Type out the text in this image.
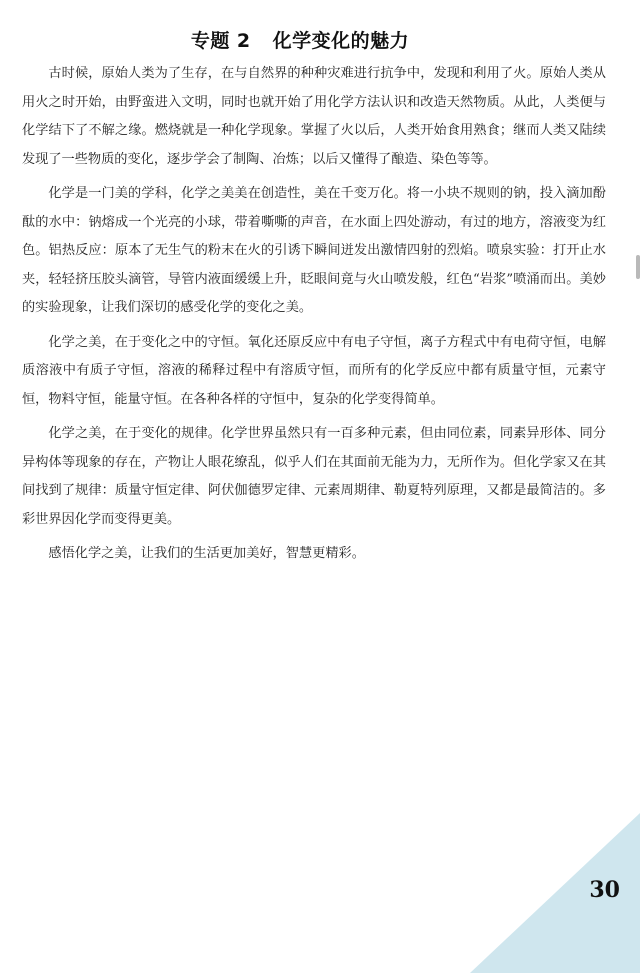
专题 2 化学变化的魅力

古时候，原始人类为了生存，在与自然界的种种灾难进行抗争中，发现和利用了火。原始人类从用火之时开始，由野蛮进入文明，同时也就开始了用化学方法认识和改造天然物质。从此，人类便与化学结下了不解之缘。燃烧就是一种化学现象。掌握了火以后，人类开始食用熟食；继而人类又陆续发现了一些物质的变化，逐步学会了制陶、冶炼；以后又懂得了酿造、染色等等。

化学是一门美的学科，化学之美美在创造性，美在千变万化。将一小块不规则的钠，投入滴加酚酞的水中：钠熔成一个光亮的小球，带着嘶嘶的声音，在水面上四处游动，有过的地方，溶液变为红色。铝热反应：原本了无生气的粉末在火的引诱下瞬间迸发出激情四射的烈焰。喷泉实验：打开止水夹，轻轻挤压胶头滴管，导管内液面缓缓上升，眨眼间竟与火山喷发般，红色“岩浆”喷涌而出。美妙的实验现象，让我们深切的感受化学的变化之美。

化学之美，在于变化之中的守恒。氧化还原反应中有电子守恒，离子方程式中有电荷守恒，电解质溶液中有质子守恒，溶液的稀释过程中有溶质守恒，而所有的化学反应中都有质量守恒，元素守恒，物料守恒，能量守恒。在各种各样的守恒中，复杂的化学变得简单。

化学之美，在于变化的规律。化学世界虽然只有一百多种元素，但由同位素，同素异形体、同分异构体等现象的存在，产物让人眼花缭乱，似乎人们在其面前无能为力，无所作为。但化学家又在其间找到了规律：质量守恒定律、阿伏伽德罗定律、元素周期律、勒夏特列原理，又都是最简洁的。多彩世界因化学而变得更美。

感悟化学之美，让我们的生活更加美好，智慧更精彩。

30
